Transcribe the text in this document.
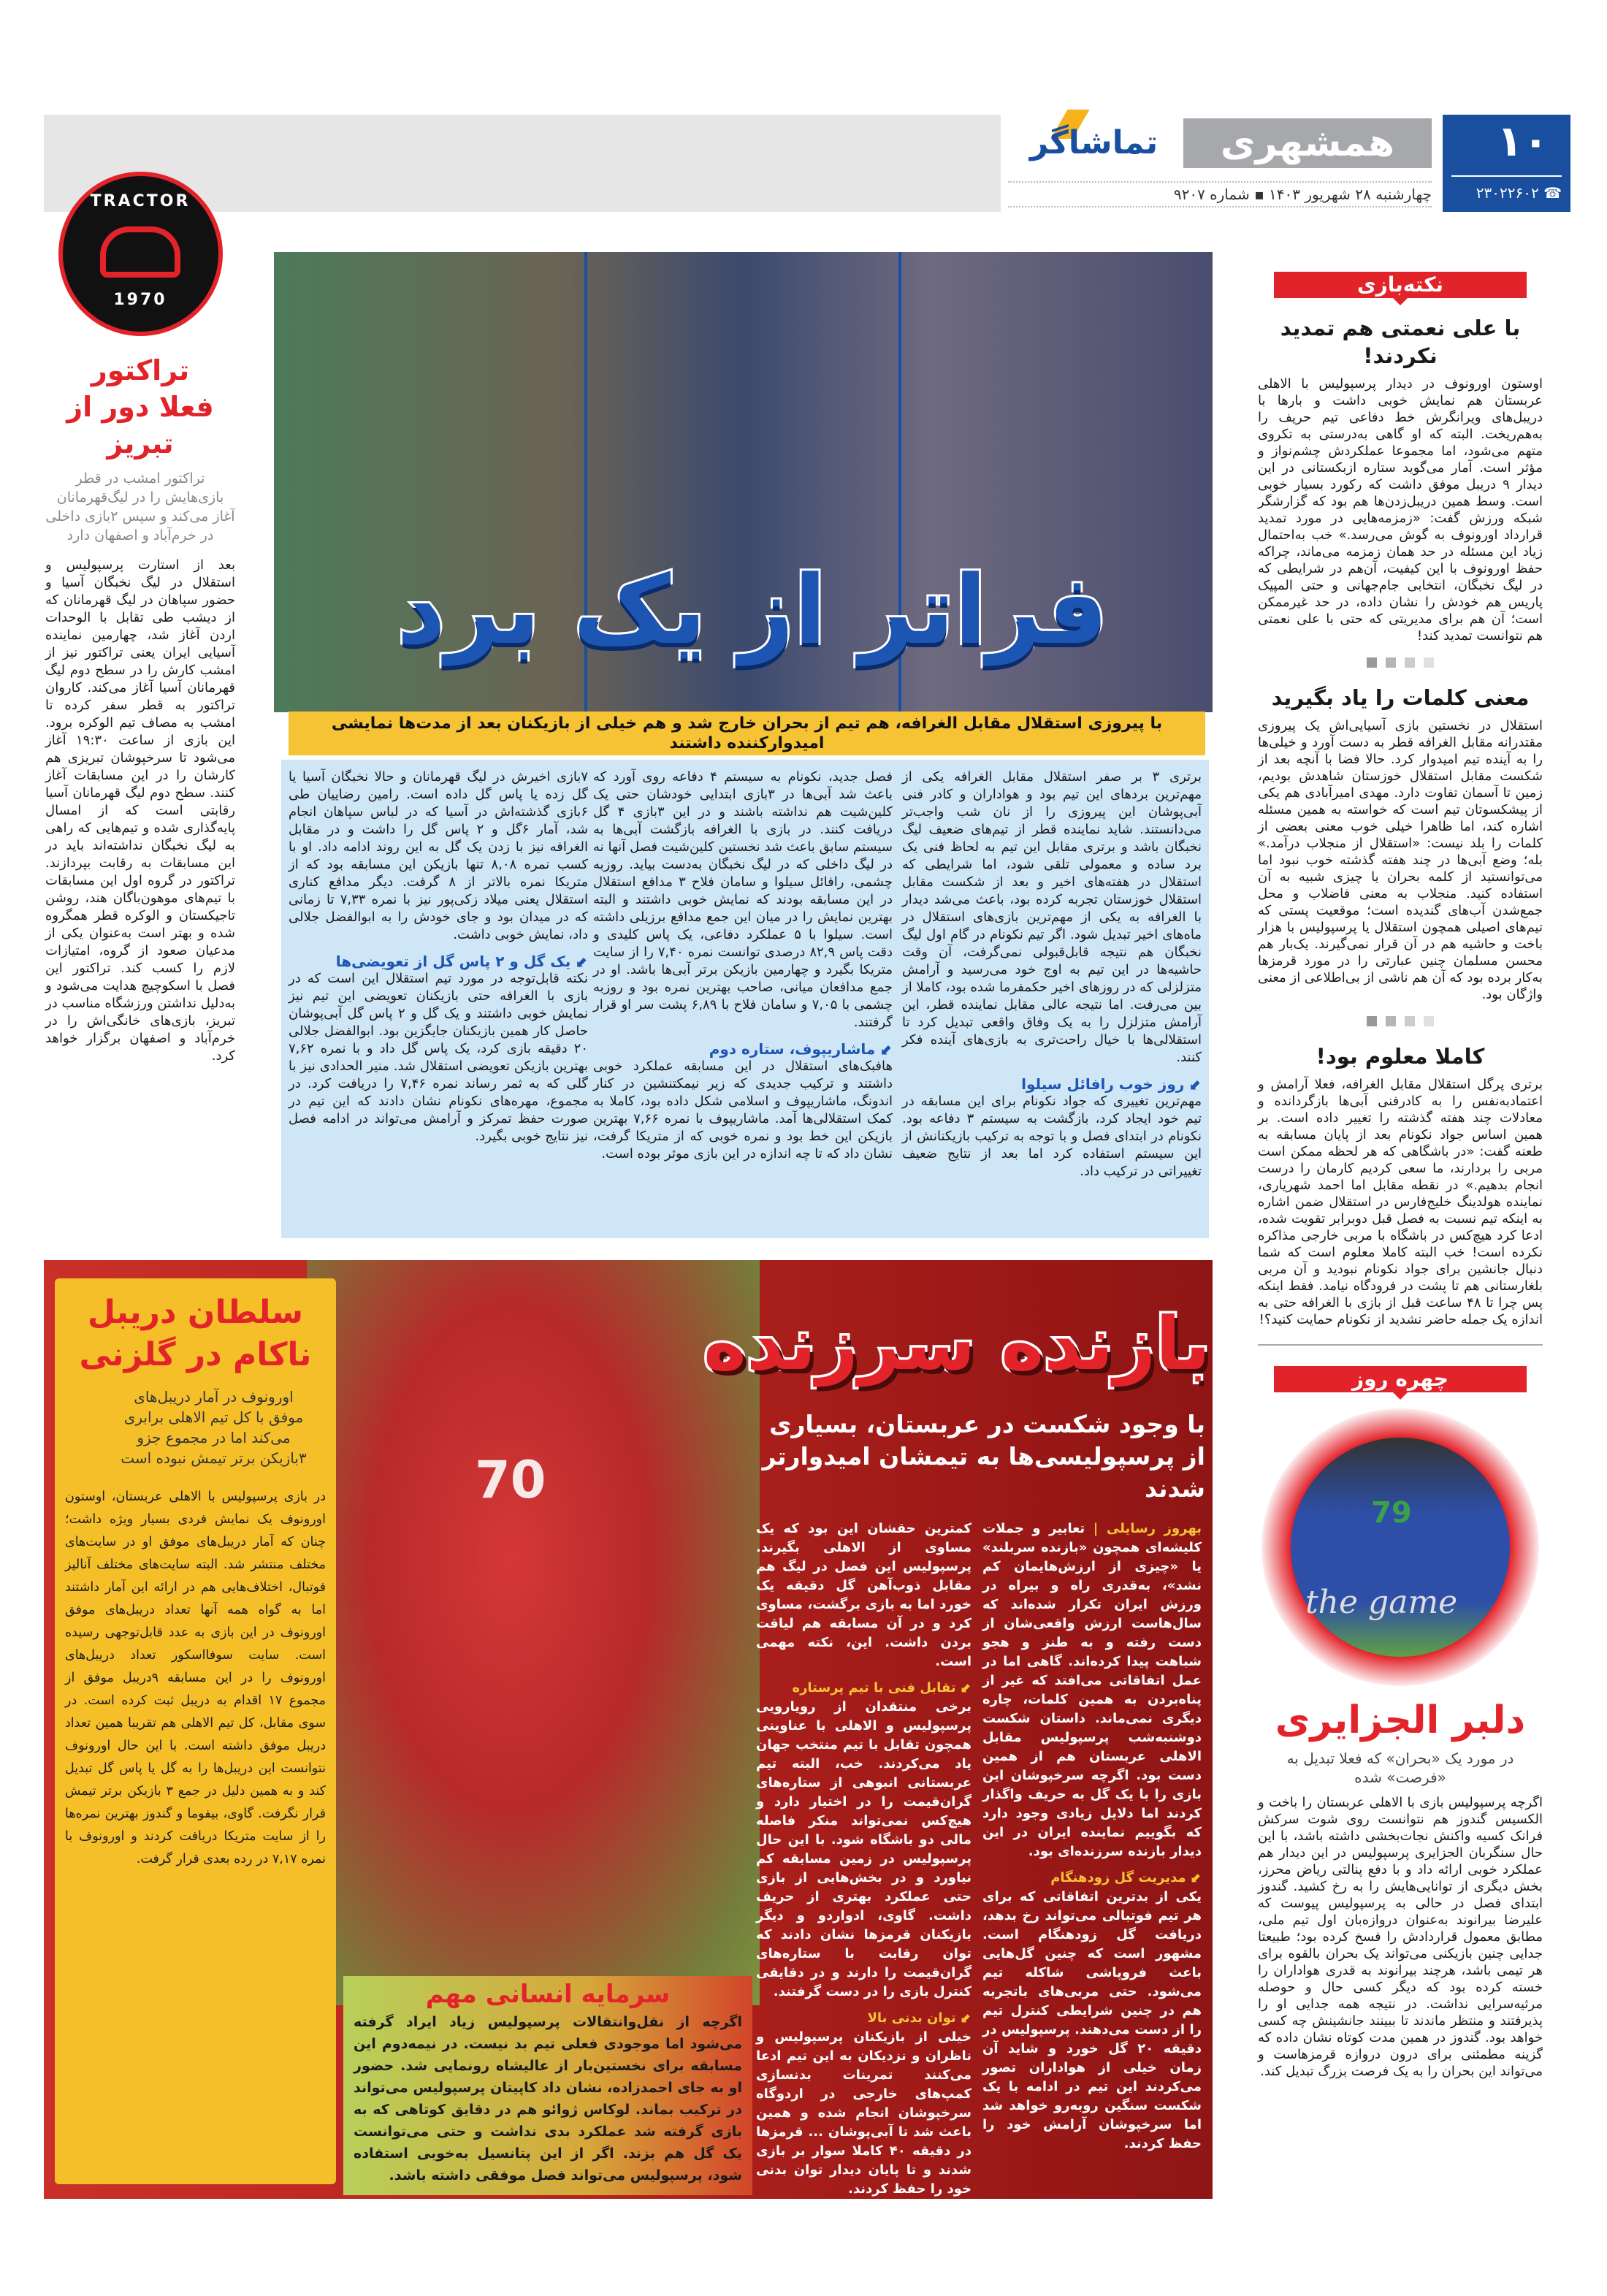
همشهری
تماشاگر
چهارشنبه ۲۸ شهریور ۱۴۰۳ ▪ شماره ۹۲۰۷
۱۰
☎ ۲۳۰۲۲۶۰۲
نکته‌بازی
با علی نعمتی هم تمدید نکردند!
اوستون اورونوف در دیدار پرسپولیس با الاهلی عربستان هم نمایش خوبی داشت و بارها با دریبل‌های ویرانگرش خط دفاعی تیم حریف را به‌هم‌ریخت. البته که او گاهی به‌درستی به تکروی متهم می‌شود، اما مجموعا عملکردش چشم‌نواز و مؤثر است. آمار می‌گوید ستاره ازبکستانی در این دیدار ۹ دریبل موفق داشت که رکورد بسیار خوبی است. وسط همین دریبل‌زدن‌ها هم بود که گزارشگر شبکه ورزش گفت: «زمزمه‌هایی در مورد تمدید قرارداد اورونوف به گوش می‌رسد.» خب به‌احتمال زیاد این مسئله در حد همان زمزمه می‌ماند، چراکه حفظ اورونوف با این کیفیت، آن‌هم در شرایطی که در لیگ نخبگان، انتخابی جام‌جهانی و حتی المپیک پاریس هم خودش را نشان داده، در حد غیرممکن است؛ آن هم برای مدیریتی که حتی با علی نعمتی هم نتوانست تمدید کند!
معنی کلمات را یاد بگیرید
استقلال در نخستین بازی آسیایی‌اش یک پیروزی مقتدرانه مقابل الغرافه قطر به دست آورد و خیلی‌ها را به آینده تیم امیدوار کرد. حالا فضا با آنچه بعد از شکست مقابل استقلال خوزستان شاهدش بودیم، زمین تا آسمان تفاوت دارد. مهدی امیرآبادی هم یکی از پیشکسوتان تیم است که خواسته به همین مسئله اشاره کند، اما ظاهرا خیلی خوب معنی بعضی از کلمات را بلد نیست: «استقلال از منجلاب درآمد.» بله؛ وضع آبی‌ها در چند هفته گذشته خوب نبود اما می‌توانستید از کلمه بحران یا چیزی شبیه به آن استفاده کنید. منجلاب به معنی فاضلاب و محل جمع‌شدن آب‌های گندیده است؛ موقعیت پستی که تیم‌های اصیلی همچون استقلال یا پرسپولیس با هزار باخت و حاشیه هم در آن قرار نمی‌گیرند. یک‌بار هم محسن مسلمان چنین عبارتی را در مورد قرمزها به‌کار برده بود که آن هم ناشی از بی‌اطلاعی از معنی واژگان بود.
کاملا معلوم بود!
برتری پرگل استقلال مقابل الغرافه، فعلا آرامش و اعتمادبه‌نفس را به کادرفنی آبی‌ها بازگردانده و معادلات چند هفته گذشته را تغییر داده است. بر همین اساس جواد نکونام بعد از پایان مسابقه به طعنه گفت: «در باشگاهی که هر لحظه ممکن است مربی را بردارند، ما سعی کردیم کارمان را درست انجام بدهیم.» در نقطه مقابل اما احمد شهریاری، نماینده هولدینگ خلیج‌فارس در استقلال ضمن اشاره به اینکه تیم نسبت به فصل قبل دوبرابر تقویت شده، ادعا کرد هیچ‌کس در باشگاه با مربی خارجی مذاکره نکرده است! خب البته کاملا معلوم است که شما دنبال جانشین برای جواد نکونام نبودید و آن مربی بلغارستانی هم تا پشت در فرودگاه نیامد. فقط اینکه پس چرا تا ۴۸ ساعت قبل از بازی با الغرافه حتی به اندازه یک جمله حاضر نشدید از نکونام حمایت کنید؟!
چهره روز
79
the game
دلبر الجزایری
در مورد یک «بحران» که فعلا تبدیل به «فرصت» شده
اگرچه پرسپولیس بازی با الاهلی عربستان را باخت و الکسیس گندوز هم نتوانست روی شوت سرکش فرانک کسیه واکنش نجات‌بخشی داشته باشد، با این حال سنگربان الجزایری پرسپولیس در این دیدار هم عملکرد خوبی ارائه داد و با دفع پنالتی ریاض محرز، بخش دیگری از توانایی‌هایش را به رخ کشید. گندوز ابتدای فصل در حالی به پرسپولیس پیوست که علیرضا بیرانوند به‌عنوان دروازه‌بان اول تیم ملی، مطابق معمول قراردادش را فسخ کرده بود؛ طبیعتا جدایی چنین بازیکنی می‌تواند یک بحران بالقوه برای هر تیمی باشد، هرچند بیرانوند به قدری هواداران را خسته کرده بود که دیگر کسی حال و حوصله مرثیه‌سرایی نداشت. در نتیجه همه جدایی او را پذیرفتند و منتظر ماندند تا ببینند جانشینش چه کسی خواهد بود. گندوز در همین مدت کوتاه نشان داده که گزینه مطمئنی برای درون دروازه قرمزهاست و می‌تواند این بحران را به یک فرصت بزرگ تبدیل کند.
TRACTOR
1970
تراکتور
فعلا دور از تبریز
تراکتور امشب در قطر بازی‌هایش را در لیگ‌قهرمانان آغاز می‌کند و سپس ۲بازی داخلی در خرم‌آباد و اصفهان دارد
بعد از استارت پرسپولیس و استقلال در لیگ نخبگان آسیا و حضور سپاهان در لیگ قهرمانان که از دیشب طی تقابل با الوحدات اردن آغاز شد، چهارمین نماینده آسیایی ایران یعنی تراکتور نیز از امشب کارش را در سطح دوم لیگ قهرمانان آسیا آغاز می‌کند. کاروان تراکتور به قطر سفر کرده تا امشب به مصاف تیم الوکره برود. این بازی از ساعت ۱۹:۳۰ آغاز می‌شود تا سرخپوشان تبریزی هم کارشان را در این مسابقات آغاز کنند. سطح دوم لیگ قهرمانان آسیا رقابتی است که از امسال پایه‌گذاری شده و تیم‌هایی که راهی به لیگ نخبگان نداشته‌اند باید در این مسابقات به رقابت بپردازند. تراکتور در گروه اول این مسابقات با تیم‌های موهون‌باگان هند، روشن تاجیکستان و الوکره قطر همگروه شده و بهتر است به‌عنوان یکی از مدعیان صعود از گروه، امتیازات لازم را کسب کند. تراکتور این فصل با اسکوچیچ هدایت می‌شود و به‌دلیل نداشتن ورزشگاه مناسب در تبریز، بازی‌های خانگی‌اش را در خرم‌آباد و اصفهان برگزار خواهد کرد.
فراتر از یک برد
با پیروزی استقلال مقابل الغرافه، هم تیم از بحران خارج شد و هم خیلی از بازیکنان بعد از مدت‌ها نمایشی امیدوارکننده داشتند
برتری ۳ بر صفر استقلال مقابل الغرافه یکی از مهم‌ترین بردهای این تیم بود و هواداران و کادر فنی آبی‌پوشان این پیروزی را از نان شب واجب‌تر می‌دانستند. شاید نماینده قطر از تیم‌های ضعیف لیگ نخبگان باشد و برتری مقابل این تیم به لحاظ فنی یک برد ساده و معمولی تلقی شود، اما شرایطی که استقلال در هفته‌های اخیر و بعد از شکست مقابل استقلال خوزستان تجربه کرده بود، باعث می‌شد دیدار با الغرافه به یکی از مهم‌ترین بازی‌های استقلال در ماه‌های اخیر تبدیل شود. اگر تیم نکونام در گام اول لیگ نخبگان هم نتیجه قابل‌قبولی نمی‌گرفت، آن وقت حاشیه‌ها در این تیم به اوج خود می‌رسید و آرامش متزلزلی که در روزهای اخیر حکمفرما شده بود، کاملا از بین می‌رفت. اما نتیجه عالی مقابل نماینده قطر، این آرامش متزلزل را به یک وفاق واقعی تبدیل کرد تا استقلالی‌ها با خیال راحت‌تری به بازی‌های آینده فکر کنند.
⬋ روز خوب رافائل سیلوا
مهم‌ترین تغییری که جواد نکونام برای این مسابقه در تیم خود ایجاد کرد، بازگشت به سیستم ۳ دفاعه بود. نکونام در ابتدای فصل و با توجه به ترکیب بازیکنانش از این سیستم استفاده کرد اما بعد از نتایج ضعیف تغییراتی در ترکیب داد.
فصل جدید، نکونام به سیستم ۴ دفاعه روی آورد که باعث شد آبی‌ها در ۳بازی ابتدایی خودشان حتی یک کلین‌شیت هم نداشته باشند و در این ۳بازی ۴ گل دریافت کنند. در بازی با الغرافه بازگشت آبی‌ها به سیستم سابق باعث شد نخستین کلین‌شیت فصل آنها نه در لیگ داخلی که در لیگ نخبگان به‌دست بیاید. روزبه چشمی، رافائل سیلوا و سامان فلاح ۳ مدافع استقلال در این مسابقه بودند که نمایش خوبی داشتند و البته بهترین نمایش را در میان این جمع مدافع برزیلی داشته است. سیلوا با ۵ عملکرد دفاعی، یک پاس کلیدی و دقت پاس ۸۲,۹ درصدی توانست نمره ۷,۴۰ را از سایت متریکا بگیرد و چهارمین بازیکن برتر آبی‌ها باشد. او در جمع مدافعان میانی، صاحب بهترین نمره بود و روزبه چشمی با ۷,۰۵ و سامان فلاح با ۶,۸۹ پشت سر او قرار گرفتند.
⬋ ماشاریپوف، ستاره دوم
هافبک‌های استقلال در این مسابقه عملکرد خوبی داشتند و ترکیب جدیدی که زیر نیمکتنشین در کنار اندونگ، ماشاریپوف و اسلامی شکل داده بود، کاملا به کمک استقلالی‌ها آمد. ماشاریپوف با نمره ۷,۶۶ بهترین بازیکن این خط بود و نمره خوبی که از متریکا گرفت، نشان داد که تا چه اندازه در این بازی موثر بوده است.
۷بازی اخیرش در لیگ قهرمانان و حالا نخبگان آسیا یا گل زده یا پاس گل داده است. رامین رضاییان طی ۶بازی گذشته‌اش در آسیا که در لباس سپاهان انجام شد، آمار ۶گل و ۲ پاس گل را داشت و در مقابل الغرافه نیز با زدن یک گل به این روند ادامه داد. او با کسب نمره ۸,۰۸ تنها بازیکن این مسابقه بود که از متریکا نمره بالاتر از ۸ گرفت. دیگر مدافع کناری استقلال یعنی میلاد زکی‌پور نیز با نمره ۷,۳۳ تا زمانی که در میدان بود و جای خودش را به ابوالفضل جلالی داد، نمایش خوبی داشت.
⬋ یک گل و ۲ پاس گل از تعویضی‌ها
نکته قابل‌توجه در مورد تیم استقلال این است که در بازی با الغرافه حتی بازیکنان تعویضی این تیم نیز نمایش خوبی داشتند و یک گل و ۲ پاس گل آبی‌پوشان حاصل کار همین بازیکنان جایگزین بود. ابوالفضل جلالی ۲۰ دقیقه بازی کرد، یک پاس گل داد و با نمره ۷,۶۲ بهترین بازیکن تعویضی استقلال شد. منیر الحدادی نیز با گلی که به ثمر رساند نمره ۷,۴۶ را دریافت کرد. در مجموع، مهره‌های نکونام نشان دادند که این تیم در صورت حفظ تمرکز و آرامش می‌تواند در ادامه فصل نیز نتایج خوبی بگیرد.
70
سلطان دریبل
ناکام در گلزنی
اورونوف در آمار دریبل‌های موفق با کل تیم الاهلی برابری می‌کند اما در مجموع جزو ۳بازیکن برتر تیمش نبوده است
در بازی پرسپولیس با الاهلی عربستان، اوستون اورونوف یک نمایش فردی بسیار ویژه داشت؛ چنان که آمار دریبل‌های موفق او در سایت‌های مختلف منتشر شد. البته سایت‌های مختلف آنالیز فوتبال، اختلاف‌هایی هم در ارائه این آمار داشتند اما به گواه همه آنها تعداد دریبل‌های موفق اورونوف در این بازی به عدد قابل‌توجهی رسیده است. سایت سوفااسکور تعداد دریبل‌های اورونوف را در این مسابقه ۹دریبل موفق از مجموع ۱۷ اقدام به دریبل ثبت کرده است. در سوی مقابل، کل تیم الاهلی هم تقریبا همین تعداد دریبل موفق داشته است. با این حال اورونوف نتوانست این دریبل‌ها را به گل یا پاس گل تبدیل کند و به همین دلیل در جمع ۳ بازیکن برتر تیمش قرار نگرفت. گاوی، بیفوما و گندوز بهترین نمره‌ها را از سایت متریکا دریافت کردند و اورونوف با نمره ۷,۱۷ در رده بعدی قرار گرفت.
بازنده سرزنده
با وجود شکست در عربستان، بسیاری از پرسپولیسی‌ها به تیمشان امیدوارتر شدند
بهروز رسایلی | تعابیر و جملات کلیشه‌ای همچون «بازنده سربلند» یا «چیزی از ارزش‌هایمان کم نشد»، به‌قدری راه و بیراه در ورزش ایران تکرار شده‌اند که سال‌هاست ارزش واقعی‌شان از دست رفته و به طنز و هجو شباهت پیدا کرده‌اند. گاهی اما در عمل اتفاقاتی می‌افتد که غیر از پناه‌بردن به همین کلمات، چاره دیگری نمی‌ماند. داستان شکست دوشنبه‌شب پرسپولیس مقابل الاهلی عربستان هم از همین دست بود. اگرچه سرخپوشان این بازی را با یک گل به حریف واگذار کردند اما دلایل زیادی وجود دارد که بگوییم نماینده ایران در این دیدار بازنده سرزنده‌ای بود.
⬋ مدیریت گل زودهنگام
یکی از بدترین اتفاقاتی که برای هر تیم فوتبالی می‌تواند رخ بدهد، دریافت گل زودهنگام است. مشهور است که چنین گل‌هایی باعث فروپاشی شاکله تیم می‌شود. حتی مربی‌های باتجربه هم در چنین شرایطی کنترل تیم را از دست می‌دهند. پرسپولیس در دقیقه ۲۰ گل خورد و شاید آن زمان خیلی از هواداران تصور می‌کردند این تیم در ادامه با یک شکست سنگین روبه‌رو خواهد شد اما سرخپوشان آرامش خود را حفظ کردند.
کمترین حقشان این بود که یک مساوی از الاهلی بگیرند. پرسپولیس این فصل در لیگ هم مقابل ذوب‌آهن گل دقیقه یک خورد اما به بازی برگشت، مساوی کرد و در آن مسابقه هم لیاقت بردن داشت. این، نکته مهمی است.
⬋ تقابل فنی با تیم پرستاره
برخی منتقدان از رویارویی پرسپولیس و الاهلی با عناوینی همچون تقابل با تیم منتخب جهان یاد می‌کردند. خب، البته تیم عربستانی انبوهی از ستاره‌های گران‌قیمت را در اختیار دارد و هیچ‌کس نمی‌تواند منکر فاصله مالی دو باشگاه شود. با این حال پرسپولیس در زمین مسابقه کم نیاورد و در بخش‌هایی از بازی حتی عملکرد بهتری از حریف داشت. گاوی، ادواردو و دیگر بازیکنان قرمزها نشان دادند که توان رقابت با ستاره‌های گران‌قیمت را دارند و در دقایقی کنترل بازی را در دست گرفتند.
⬋ توان بدنی بالا
خیلی از بازیکنان پرسپولیس و ناظران و نزدیکان به این تیم ادعا می‌کنند تمرینات بدنسازی کمپ‌های خارجی در اردوگاه سرخپوشان انجام شده و همین باعث شد تا آبی‌پوشان ... قرمزها در دقیقه ۴۰ کاملا سوار بر بازی شدند و تا پایان دیدار توان بدنی خود را حفظ کردند.
سرمایه انسانی مهم
اگرچه از نقل‌وانتقالات پرسپولیس زیاد ایراد گرفته می‌شود اما موجودی فعلی تیم بد نیست. در نیمه‌دوم این مسابقه برای نخستین‌بار از عالیشاه رونمایی شد. حضور او به جای احمدزاده، نشان داد کاپیتان پرسپولیس می‌تواند در ترکیب بماند. لوکاس ژوائو هم در دقایق کوتاهی که به بازی گرفته شد عملکرد بدی نداشت و حتی می‌توانست یک گل هم بزند. اگر از این پتانسیل به‌خوبی استفاده شود، پرسپولیس می‌تواند فصل موفقی داشته باشد.
